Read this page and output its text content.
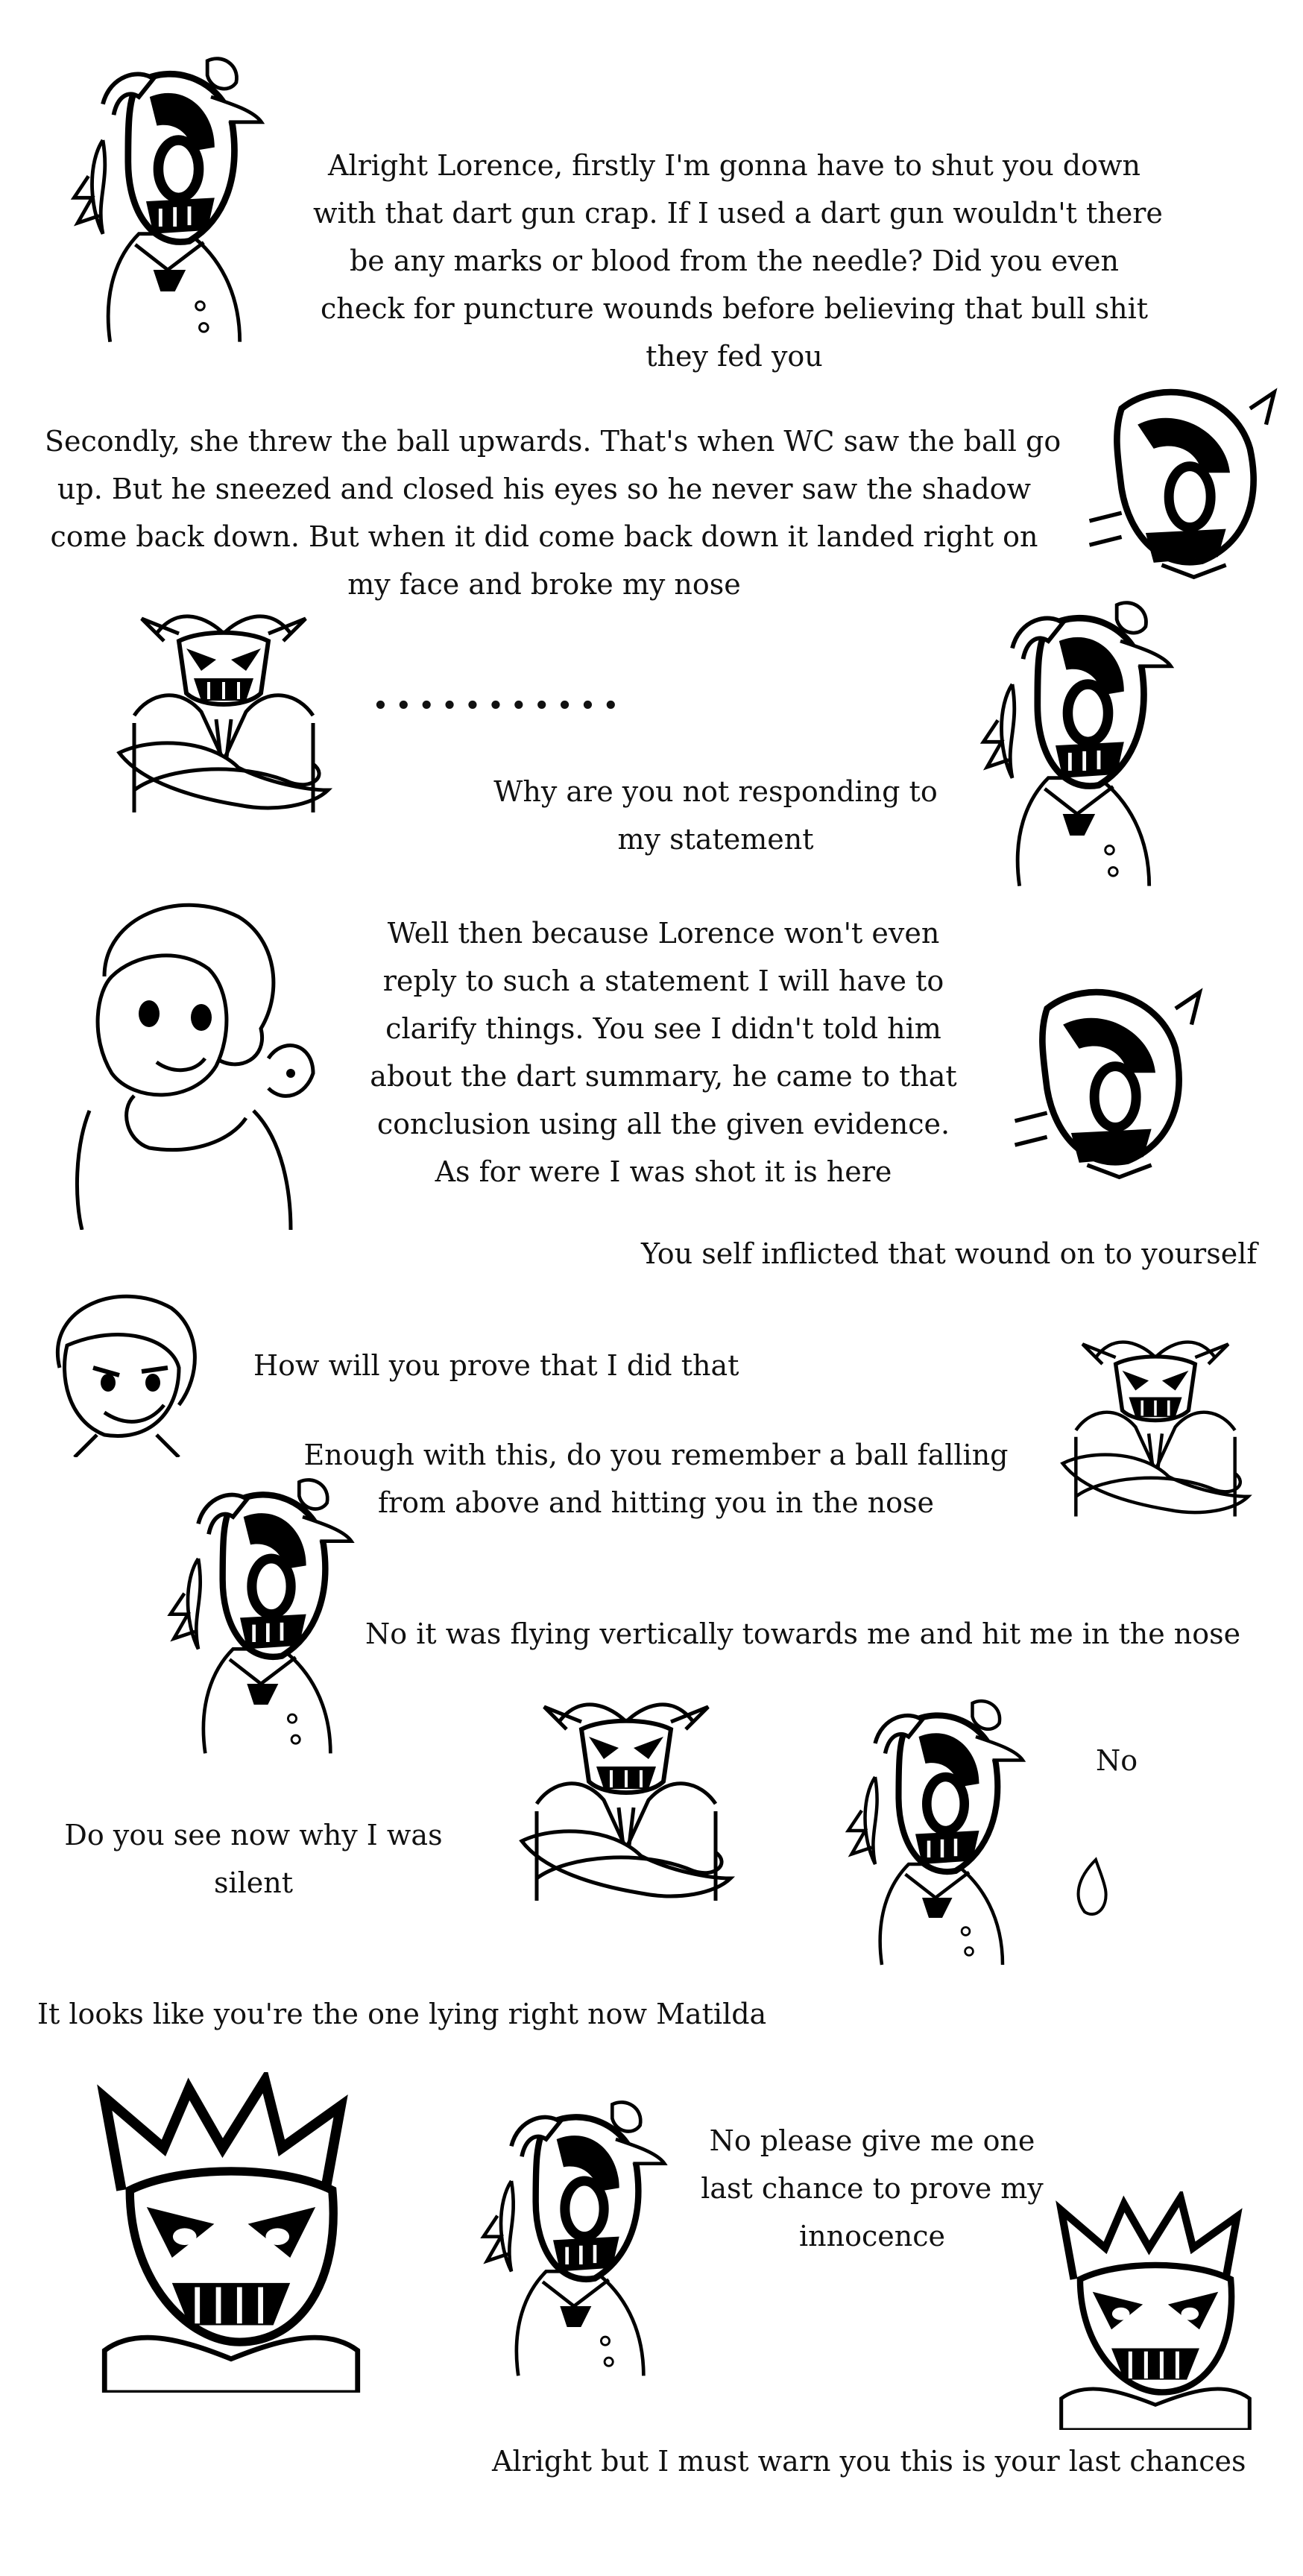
Alright Lorence, firstly I'm gonna have to shut you down
with that dart gun crap. If I used a dart gun wouldn't there
be any marks or blood from the needle? Did you even
check for puncture wounds before believing that bull shit
they fed you
Secondly, she threw the ball upwards. That's when WC saw the ball go
up. But he sneezed and closed his eyes so he never saw the shadow
come back down. But when it did come back down it landed right on
my face and broke my nose
...........
Why are you not responding to
my statement
Well then because Lorence won't even
reply to such a statement I will have to
clarify things. You see I didn't told him
about the dart summary, he came to that
conclusion using all the given evidence.
As for were I was shot it is here
You self inflicted that wound on to yourself
How will you prove that I did that
Enough with this, do you remember a ball falling
from above and hitting you in the nose
No it was flying vertically towards me and hit me in the nose
No
Do you see now why I was
silent
It looks like you're the one lying right now Matilda
No please give me one
last chance to prove my
innocence
Alright but I must warn you this is your last chances
